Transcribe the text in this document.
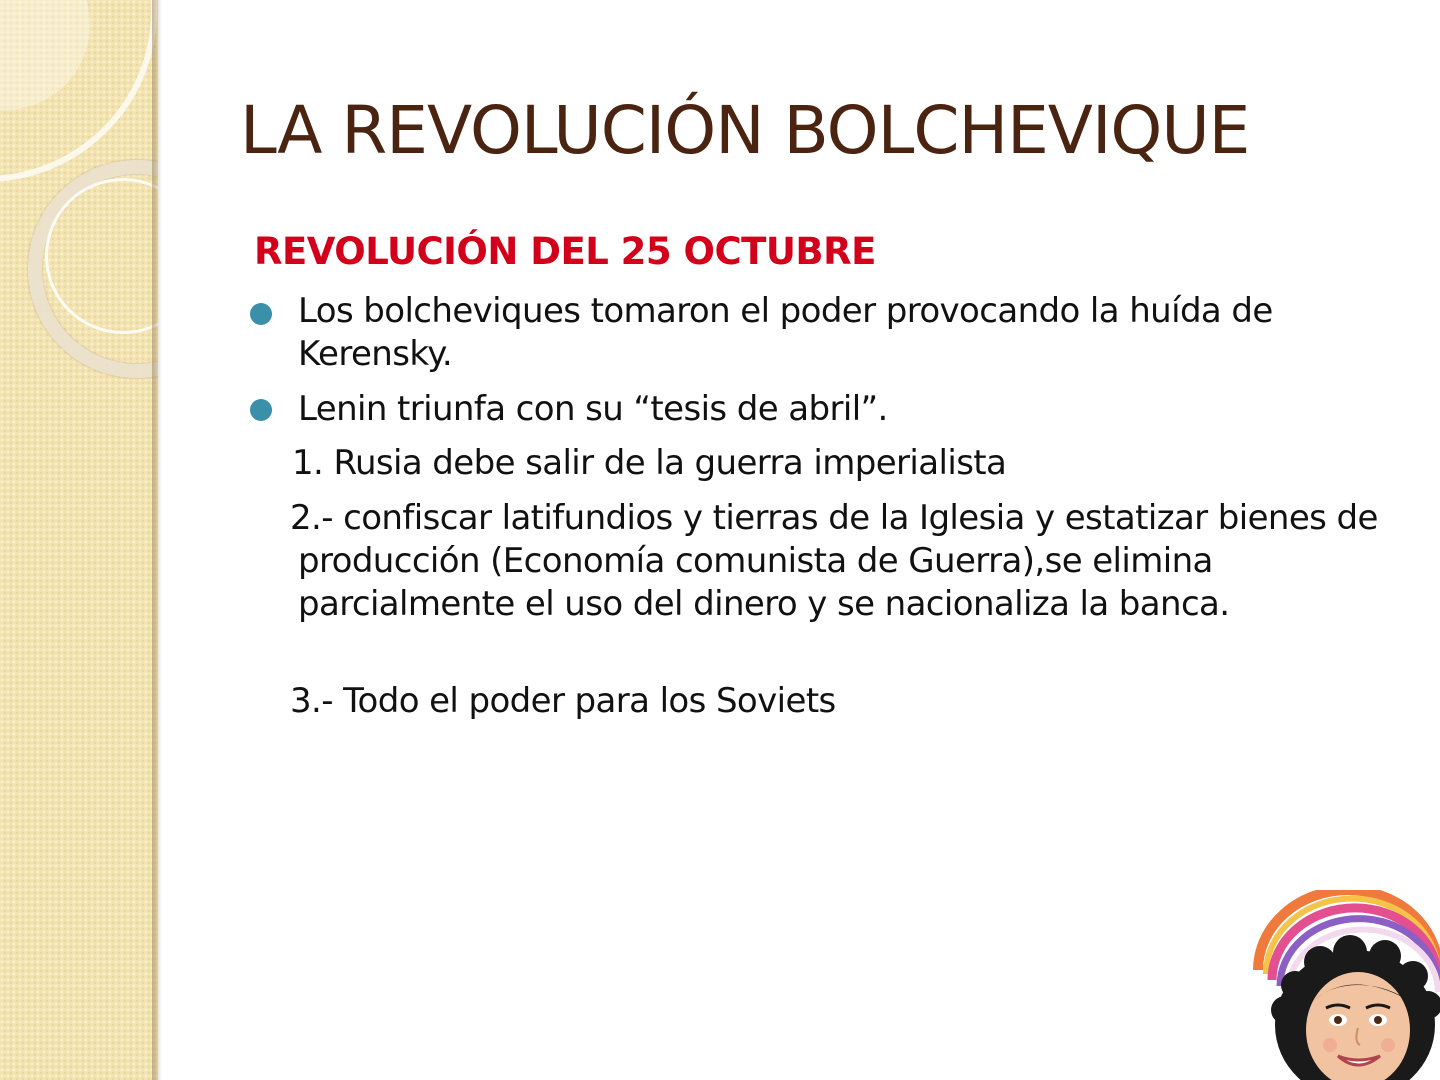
LA REVOLUCIÓN BOLCHEVIQUE
REVOLUCIÓN DEL 25 OCTUBRE
Los bolcheviques tomaron el poder provocando la huída de Kerensky.
Lenin triunfa con su “tesis de abril”.
1. Rusia debe salir de la guerra imperialista
2.- confiscar latifundios y tierras de la Iglesia y estatizar bienes de producción (Economía comunista de Guerra),se elimina parcialmente el uso del dinero y se nacionaliza la banca.
3.- Todo el poder para los Soviets
